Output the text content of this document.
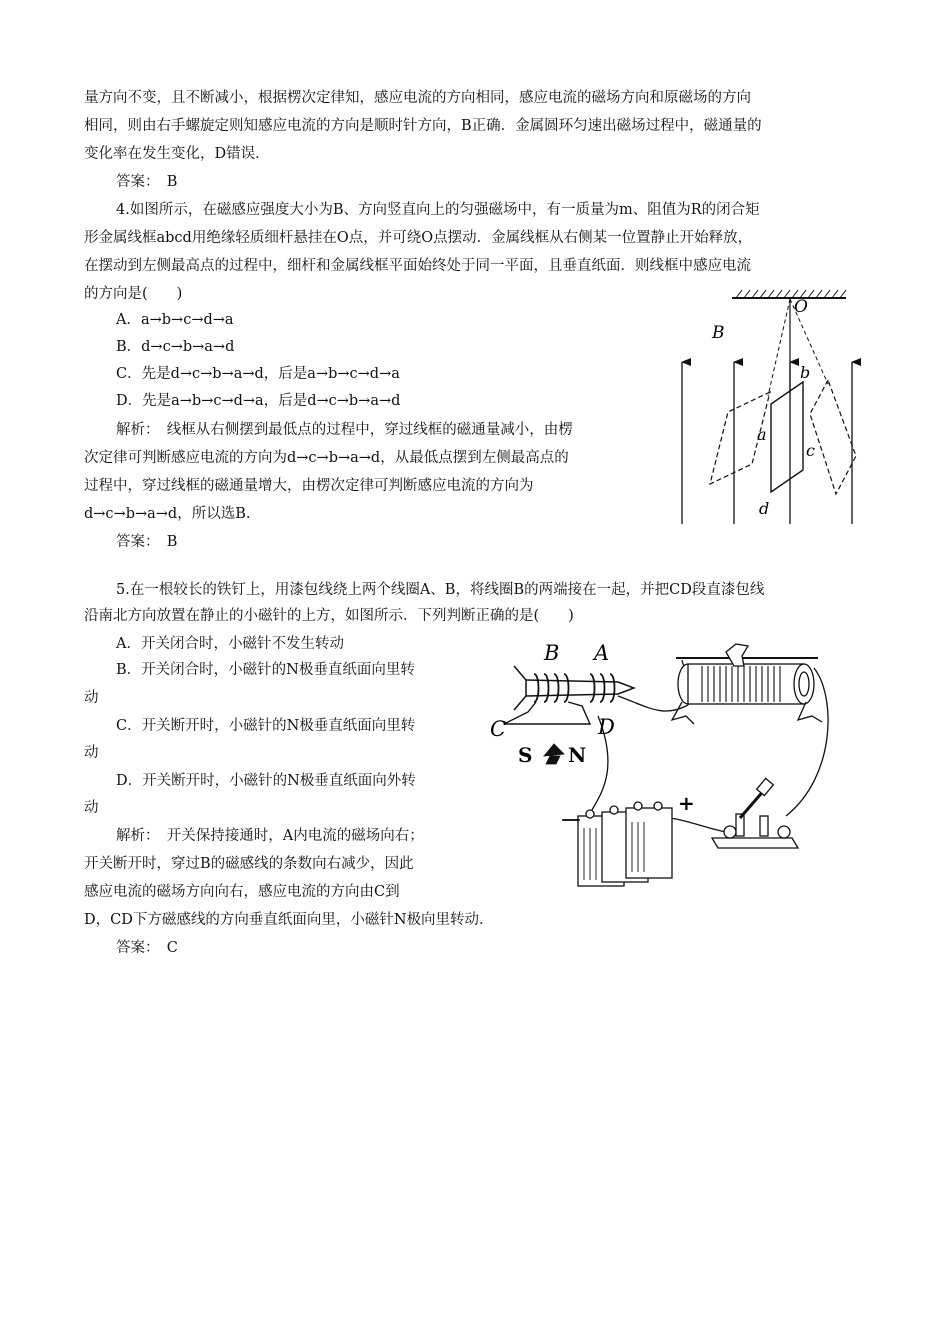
量方向不变，且不断减小，根据楞次定律知，感应电流的方向相同，感应电流的磁场方向和原磁场的方向
相同，则由右手螺旋定则知感应电流的方向是顺时针方向，B正确．金属圆环匀速出磁场过程中，磁通量的
变化率在发生变化，D错误．
答案：　B
4.如图所示，在磁感应强度大小为B、方向竖直向上的匀强磁场中，有一质量为m、阻值为R的闭合矩
形金属线框abcd用绝缘轻质细杆悬挂在O点，并可绕O点摆动．金属线框从右侧某一位置静止开始释放，
在摆动到左侧最高点的过程中，细杆和金属线框平面始终处于同一平面，且垂直纸面．则线框中感应电流
的方向是(　　)
A．a→b→c→d→a
B．d→c→b→a→d
C．先是d→c→b→a→d，后是a→b→c→d→a
D．先是a→b→c→d→a，后是d→c→b→a→d
解析：　线框从右侧摆到最低点的过程中，穿过线框的磁通量减小，由楞
次定律可判断感应电流的方向为d→c→b→a→d，从最低点摆到左侧最高点的
过程中，穿过线框的磁通量增大，由楞次定律可判断感应电流的方向为
d→c→b→a→d，所以选B.
答案：　B
O
B
b
a
c
d
5.在一根较长的铁钉上，用漆包线绕上两个线圈A、B，将线圈B的两端接在一起，并把CD段直漆包线
沿南北方向放置在静止的小磁针的上方，如图所示．下列判断正确的是(　　)
A．开关闭合时，小磁针不发生转动
B．开关闭合时，小磁针的N极垂直纸面向里转
动
C．开关断开时，小磁针的N极垂直纸面向里转
动
D．开关断开时，小磁针的N极垂直纸面向外转
动
解析：　开关保持接通时，A内电流的磁场向右；
开关断开时，穿过B的磁感线的条数向右减少，因此
感应电流的磁场方向向右，感应电流的方向由C到
D，CD下方磁感线的方向垂直纸面向里，小磁针N极向里转动．
答案：　C
B A
C	D
S N
－
+
